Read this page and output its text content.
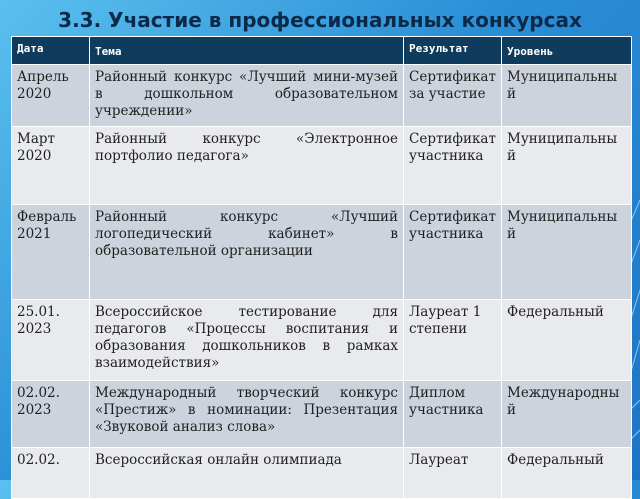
3.3. Участие в профессиональных конкурсах
Дата	Тема	Результат	Уровень
Апрель 2020	Районный конкурс «Лучший мини-музей в дошкольном образовательном учреждении»	Сертификат за участие	Муниципальный
Март 2020	Районный конкурс «Электронное портфолио педагога»	Сертификат участника	Муниципальный
Февраль 2021	Районный конкурс «Лучший логопедический кабинет» в образовательной организации	Сертификат участника	Муниципальный
25.01. 2023	Всероссийское тестирование для педагогов «Процессы воспитания и образования дошкольников в рамках взаимодействия»	Лауреат 1 степени	Федеральный
02.02. 2023	Международный творческий конкурс «Престиж» в номинации: Презентация «Звуковой анализ слова»	Диплом участника	Международный
02.02.	Всероссийская онлайн олимпиада	Лауреат	Федеральный
